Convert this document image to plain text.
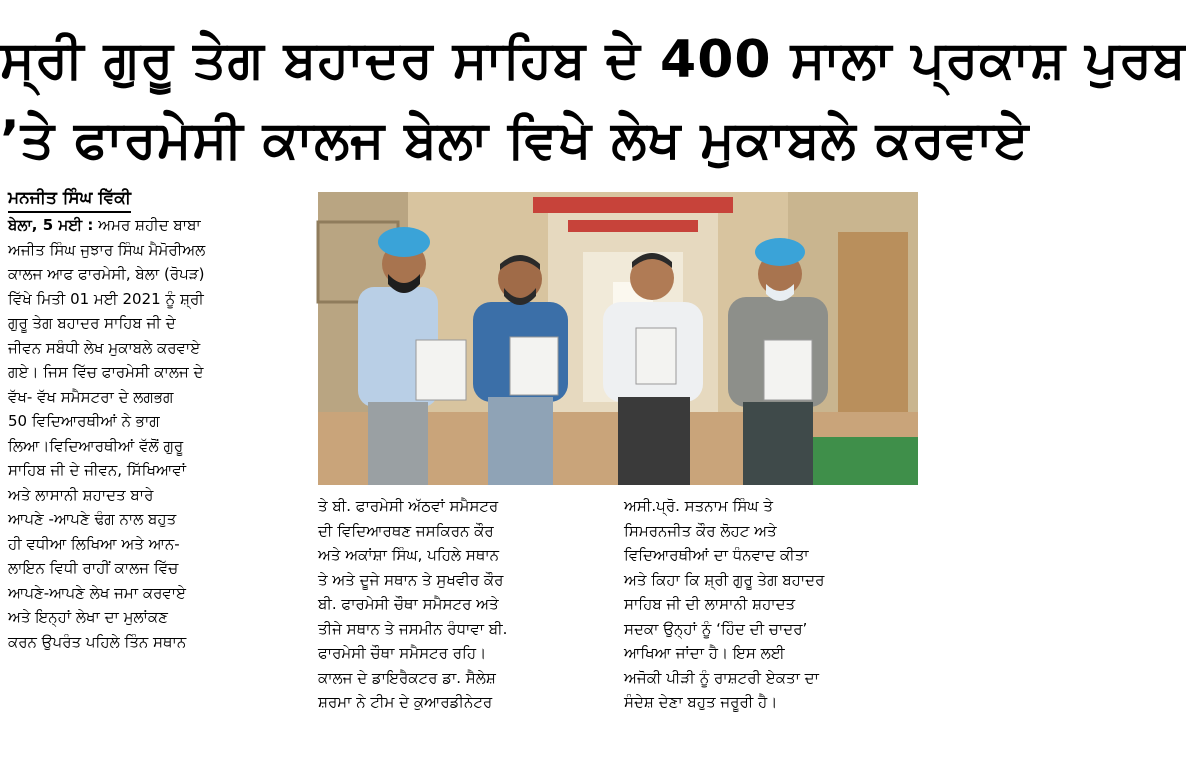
ਸ੍ਰੀ ਗੁਰੂ ਤੇਗ ਬਹਾਦਰ ਸਾਹਿਬ ਦੇ 400 ਸਾਲਾ ਪ੍ਰਕਾਸ਼ ਪੁਰਬ
’ਤੇ ਫਾਰਮੇਸੀ ਕਾਲਜ ਬੇਲਾ ਵਿਖੇ ਲੇਖ ਮੁਕਾਬਲੇ ਕਰਵਾਏ
ਮਨਜੀਤ ਸਿੰਘ ਵਿੱਕੀ
ਬੇਲਾ, 5 ਮਈ : ਅਮਰ ਸ਼ਹੀਦ ਬਾਬਾ
ਅਜੀਤ ਸਿੰਘ ਜੁਝਾਰ ਸਿੰਘ ਮੈਮੋਰੀਅਲ
ਕਾਲਜ ਆਫ ਫਾਰਮੇਸੀ, ਬੇਲਾ (ਰੋਪੜ)
ਵਿੱਖੇ ਮਿਤੀ 01 ਮਈ 2021 ਨੂੰ ਸ਼੍ਰੀ
ਗੁਰੂ ਤੇਗ ਬਹਾਦਰ ਸਾਹਿਬ ਜੀ ਦੇ
ਜੀਵਨ ਸਬੰਧੀ ਲੇਖ ਮੁਕਾਬਲੇ ਕਰਵਾਏ
ਗਏ। ਜਿਸ ਵਿੱਚ ਫਾਰਮੇਸੀ ਕਾਲਜ ਦੇ
ਵੱਖ- ਵੱਖ ਸਮੈਸਟਰਾ ਦੇ ਲਗਭਗ
50 ਵਿਦਿਆਰਥੀਆਂ ਨੇ ਭਾਗ
ਲਿਆ।ਵਿਦਿਆਰਥੀਆਂ ਵੱਲੋਂ ਗੁਰੂ
ਸਾਹਿਬ ਜੀ ਦੇ ਜੀਵਨ, ਸਿੱਖਿਆਵਾਂ
ਅਤੇ ਲਾਸਾਨੀ ਸ਼ਹਾਦਤ ਬਾਰੇ
ਆਪਣੇ -ਆਪਣੇ ਢੰਗ ਨਾਲ ਬਹੁਤ
ਹੀ ਵਧੀਆ ਲਿਖਿਆ ਅਤੇ ਆਨ-
ਲਾਇਨ ਵਿਧੀ ਰਾਹੀਂ ਕਾਲਜ ਵਿੱਚ
ਆਪਣੇ-ਆਪਣੇ ਲੇਖ ਜਮਾ ਕਰਵਾਏ
ਅਤੇ ਇਨ੍ਹਾਂ ਲੇਖਾ ਦਾ ਮੁਲਾਂਕਣ
ਕਰਨ ਉਪਰੰਤ ਪਹਿਲੇ ਤਿੰਨ ਸਥਾਨ
ਤੇ ਬੀ. ਫਾਰਮੇਸੀ ਅੱਠਵਾਂ ਸਮੈਸਟਰ
ਦੀ ਵਿਦਿਆਰਥਣ ਜਸਕਿਰਨ ਕੌਰ
ਅਤੇ ਅਕਾਂਸ਼ਾ ਸਿੰਘ, ਪਹਿਲੇ ਸਥਾਨ
ਤੇ ਅਤੇ ਦੂਜੇ ਸਥਾਨ ਤੇ ਸੁਖਵੀਰ ਕੌਰ
ਬੀ. ਫਾਰਮੇਸੀ ਚੌਥਾ ਸਮੈਸਟਰ ਅਤੇ
ਤੀਜੇ ਸਥਾਨ ਤੇ ਜਸਮੀਨ ਰੰਧਾਵਾ ਬੀ.
ਫਾਰਮੇਸੀ ਚੌਥਾ ਸਮੈਸਟਰ ਰਹਿ।
ਕਾਲਜ ਦੇ ਡਾਇਰੈਕਟਰ ਡਾ. ਸੈਲੇਸ਼
ਸ਼ਰਮਾ ਨੇ ਟੀਮ ਦੇ ਕੁਆਰਡੀਨੇਟਰ
ਅਸੀ.ਪ੍ਰੋ. ਸਤਨਾਮ ਸਿੰਘ ਤੇ
ਸਿਮਰਨਜੀਤ ਕੌਰ ਲੋਹਟ ਅਤੇ
ਵਿਦਿਆਰਥੀਆਂ ਦਾ ਧੰਨਵਾਦ ਕੀਤਾ
ਅਤੇ ਕਿਹਾ ਕਿ ਸ਼੍ਰੀ ਗੁਰੂ ਤੇਗ ਬਹਾਦਰ
ਸਾਹਿਬ ਜੀ ਦੀ ਲਾਸਾਨੀ ਸ਼ਹਾਦਤ
ਸਦਕਾ ਉਨ੍ਹਾਂ ਨੂੰ ‘ਹਿੰਦ ਦੀ ਚਾਦਰ’
ਆਖਿਆ ਜਾਂਦਾ ਹੈ। ਇਸ ਲਈ
ਅਜੋਕੀ ਪੀੜੀ ਨੂੰ ਰਾਸ਼ਟਰੀ ਏਕਤਾ ਦਾ
ਸੰਦੇਸ਼ ਦੇਣਾ ਬਹੁਤ ਜਰੂਰੀ ਹੈ।
